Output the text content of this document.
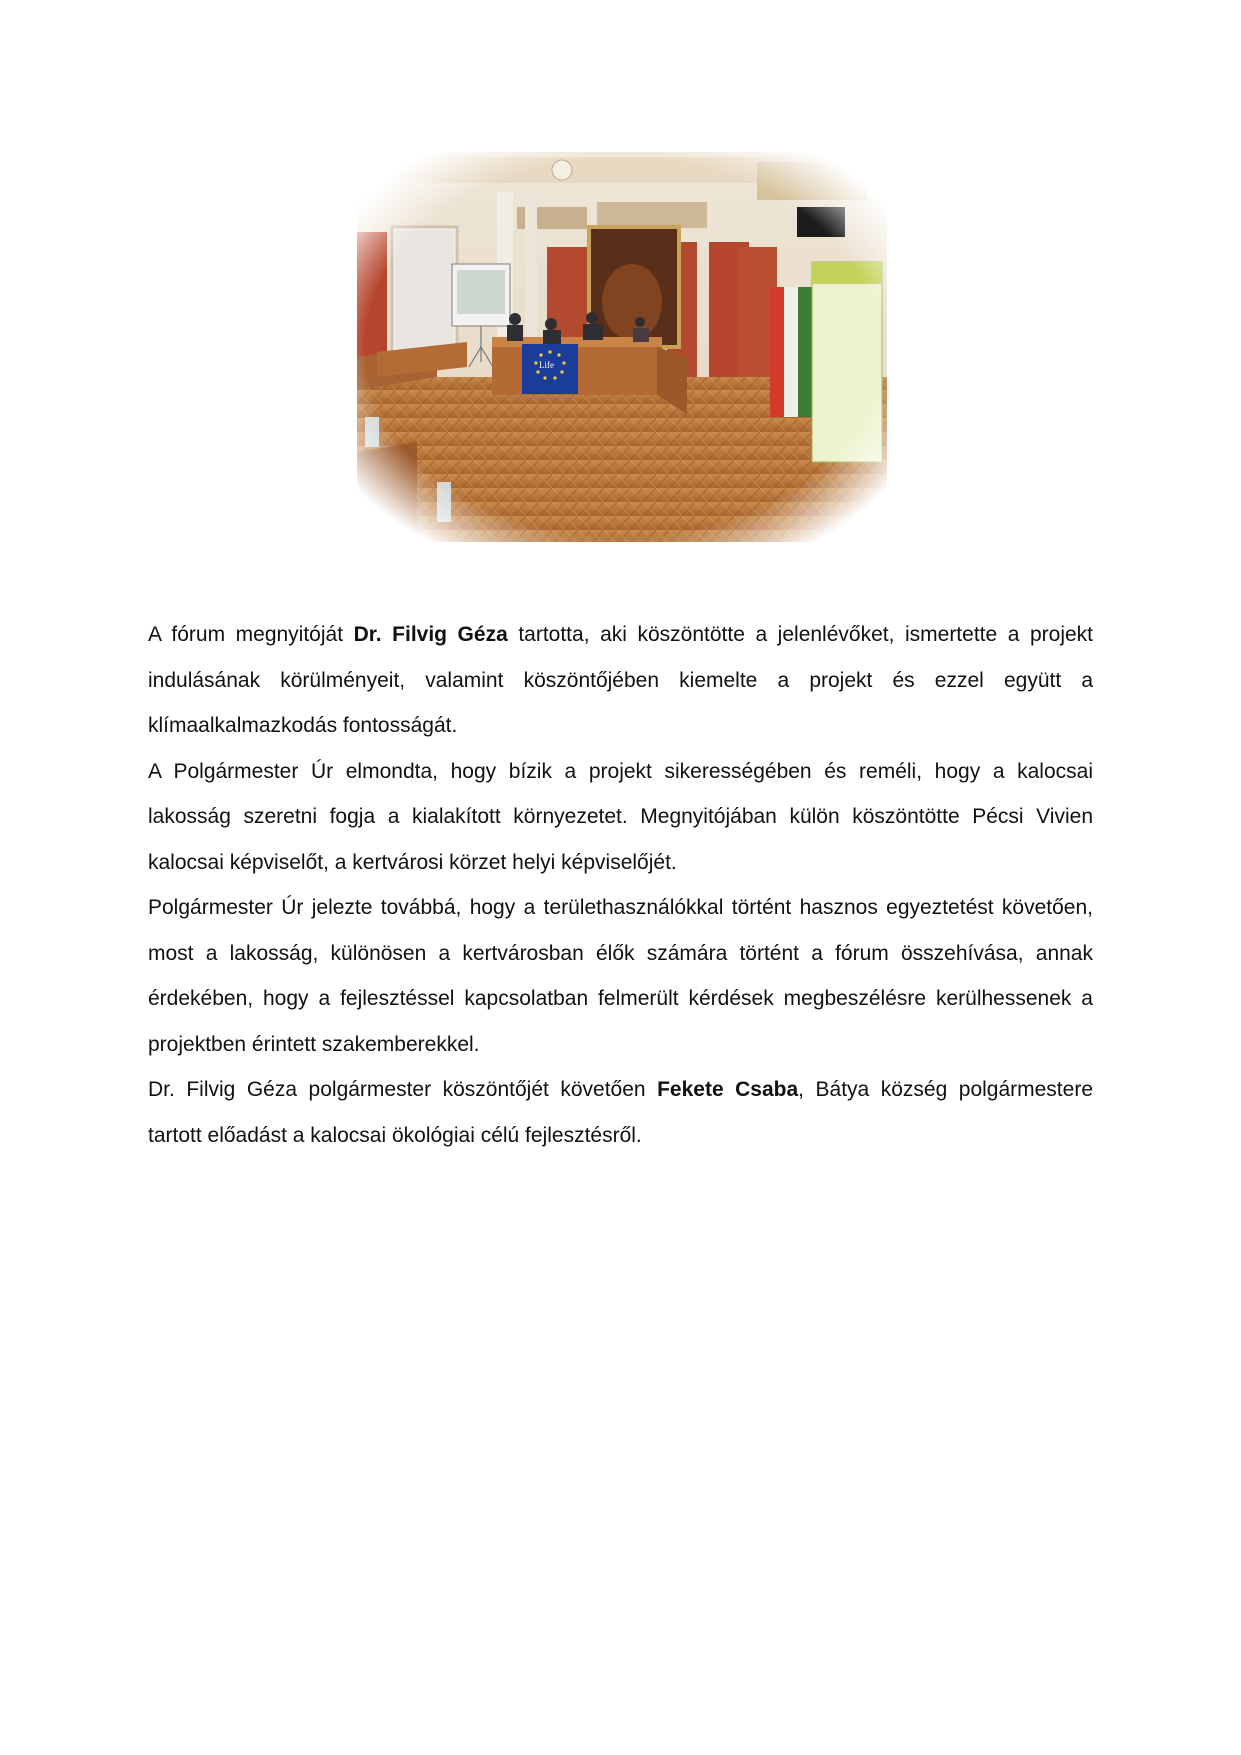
A fórum megnyitóját Dr. Filvig Géza tartotta, aki köszöntötte a jelenlévőket, ismertette a projekt indulásának körülményeit, valamint köszöntőjében kiemelte a projekt és ezzel együtt a klímaalkalmazkodás fontosságát.

A Polgármester Úr elmondta, hogy bízik a projekt sikerességében és reméli, hogy a kalocsai lakosság szeretni fogja a kialakított környezetet. Megnyitójában külön köszöntötte Pécsi Vivien kalocsai képviselőt, a kertvárosi körzet helyi képviselőjét.

Polgármester Úr jelezte továbbá, hogy a területhasználókkal történt hasznos egyeztetést követően, most a lakosság, különösen a kertvárosban élők számára történt a fórum összehívása, annak érdekében, hogy a fejlesztéssel kapcsolatban felmerült kérdések megbeszélésre kerülhessenek a projektben érintett szakemberekkel.

Dr. Filvig Géza polgármester köszöntőjét követően Fekete Csaba, Bátya község polgármestere tartott előadást a kalocsai ökológiai célú fejlesztésről.
